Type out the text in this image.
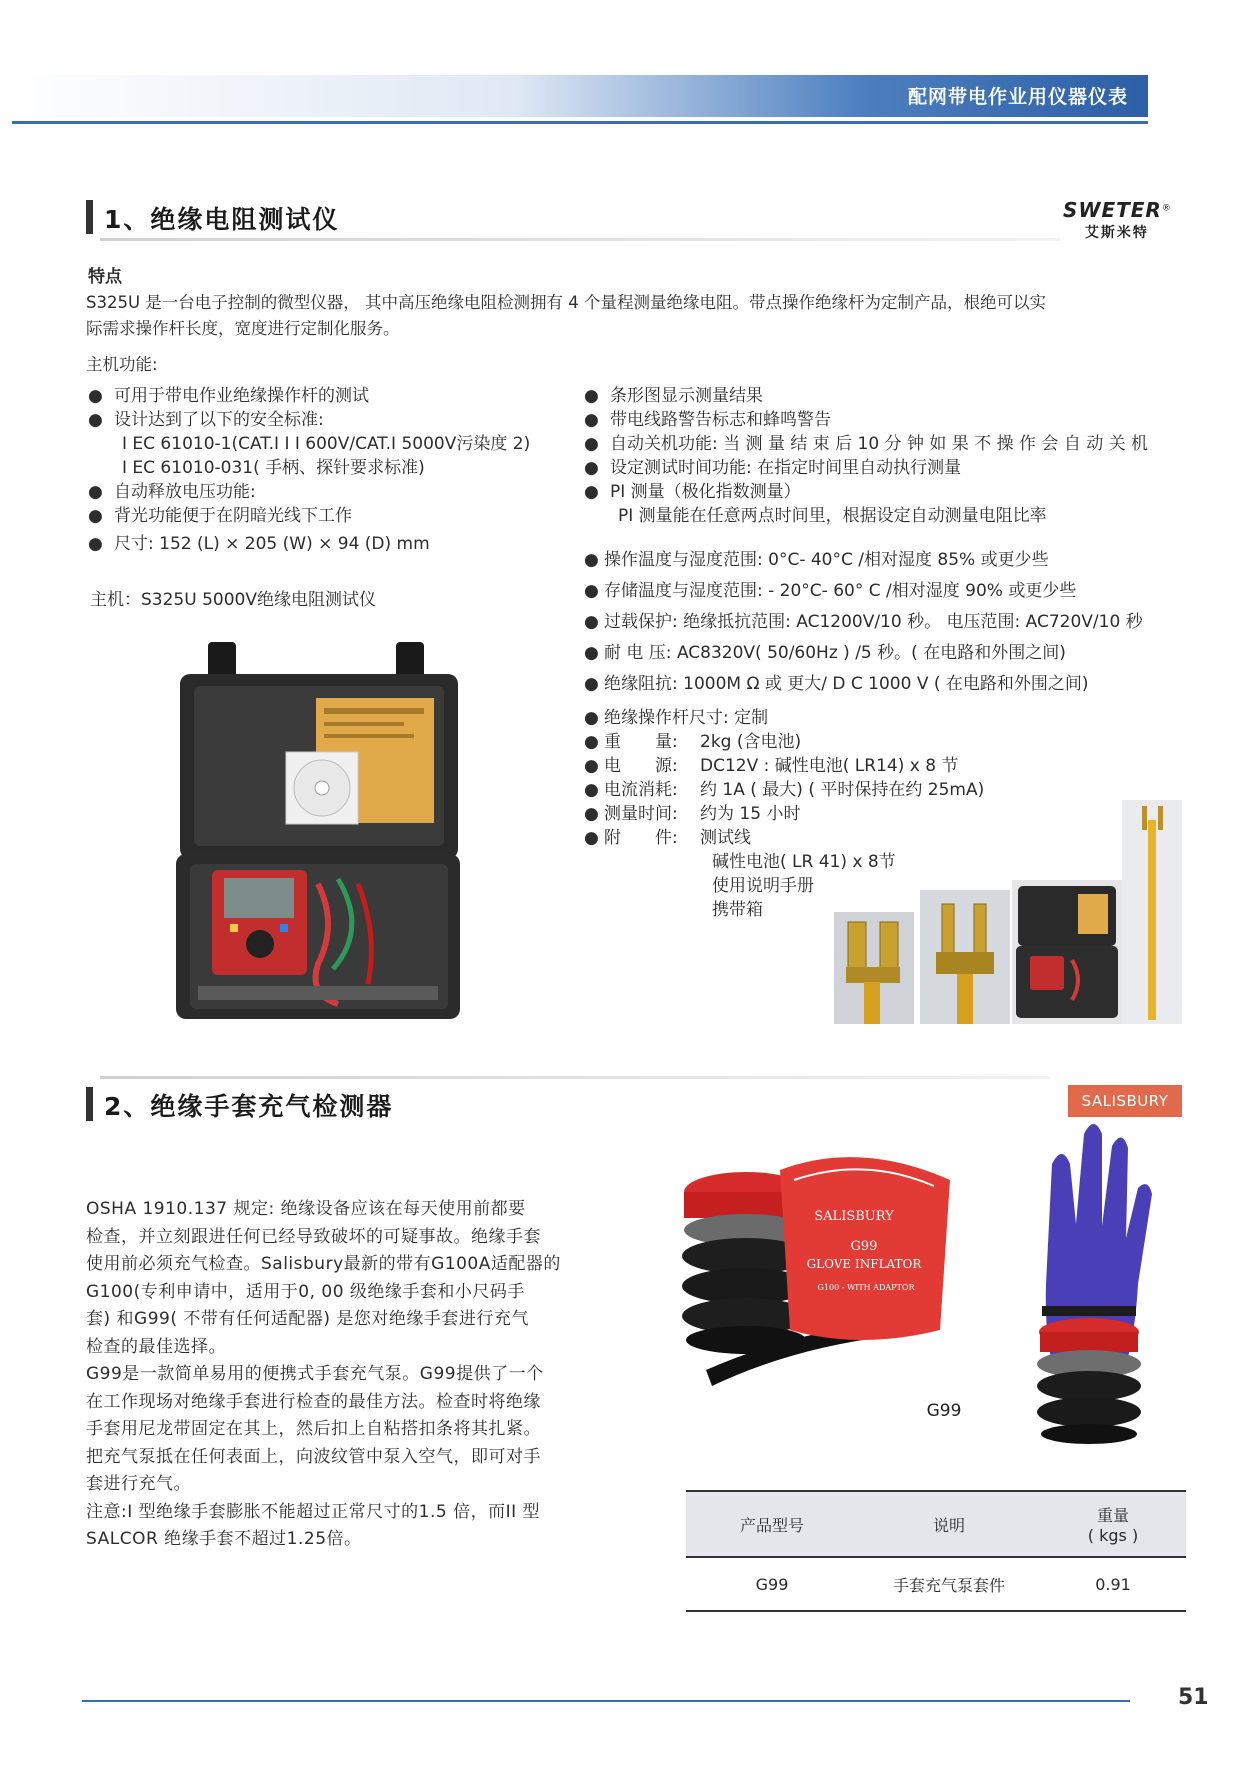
配网带电作业用仪器仪表
1、绝缘电阻测试仪	SWETER®
艾斯米特
特点
S325U 是一台电子控制的微型仪器， 其中高压绝缘电阻检测拥有 4 个量程测量绝缘电阻。带点操作绝缘杆为定制产品，根绝可以实
际需求操作杆长度，宽度进行定制化服务。
主机功能:
● 可用于带电作业绝缘操作杆的测试
● 设计达到了以下的安全标准:
I EC 61010-1(CAT.I I I 600V/CAT.I 5000V污染度 2)
I EC 61010-031( 手柄、探针要求标准)
● 自动释放电压功能:
● 背光功能便于在阴暗光线下工作
● 尺寸: 152 (L) × 205 (W) × 94 (D) mm
主机：S325U 5000V绝缘电阻测试仪
● 条形图显示测量结果
● 带电线路警告标志和蜂鸣警告
● 自动关机功能: 当 测 量 结 束 后 10 分 钟 如 果 不 操 作 会 自 动 关 机
● 设定测试时间功能: 在指定时间里自动执行测量
● PI 测量（极化指数测量）
PI 测量能在任意两点时间里，根据设定自动测量电阻比率
● 操作温度与湿度范围: 0°C- 40°C /相对湿度 85% 或更少些
● 存储温度与湿度范围: - 20°C- 60° C /相对湿度 90% 或更少些
● 过载保护: 绝缘抵抗范围: AC1200V/10 秒。 电压范围: AC720V/10 秒
● 耐 电 压: AC8320V( 50/60Hz ) /5 秒。( 在电路和外围之间)
● 绝缘阻抗: 1000M Ω 或 更大/ D C 1000 V ( 在电路和外围之间)
● 绝缘操作杆尺寸: 定制
● 重　　量:	2kg (含电池)
● 电　　源:	DC12V : 碱性电池( LR14) x 8 节
● 电流消耗:	约 1A ( 最大) ( 平时保持在约 25mA)
● 测量时间:	约为 15 小时
● 附　　件:	测试线
碱性电池( LR 41) x 8节
使用说明手册
携带箱
2、绝缘手套充气检测器	SALISBURY
OSHA 1910.137 规定: 绝缘设备应该在每天使用前都要
检查，并立刻跟进任何已经导致破坏的可疑事故。绝缘手套
使用前必须充气检查。Salisbury最新的带有G100A适配器的
G100(专利申请中，适用于0, 00 级绝缘手套和小尺码手
套) 和G99( 不带有任何适配器) 是您对绝缘手套进行充气
检查的最佳选择。
G99是一款简单易用的便携式手套充气泵。G99提供了一个
在工作现场对绝缘手套进行检查的最佳方法。检查时将绝缘
手套用尼龙带固定在其上，然后扣上自粘搭扣条将其扎紧。
把充气泵抵在任何表面上，向波纹管中泵入空气，即可对手
套进行充气。
注意:I 型绝缘手套膨胀不能超过正常尺寸的1.5 倍，而II 型
SALCOR 绝缘手套不超过1.25倍。
SALISBURY
G99
GLOVE INFLATOR
G100 - WITH ADAPTOR
G99
产品型号	说明	重量
( kgs )

G99	手套充气泵套件	0.91
51
